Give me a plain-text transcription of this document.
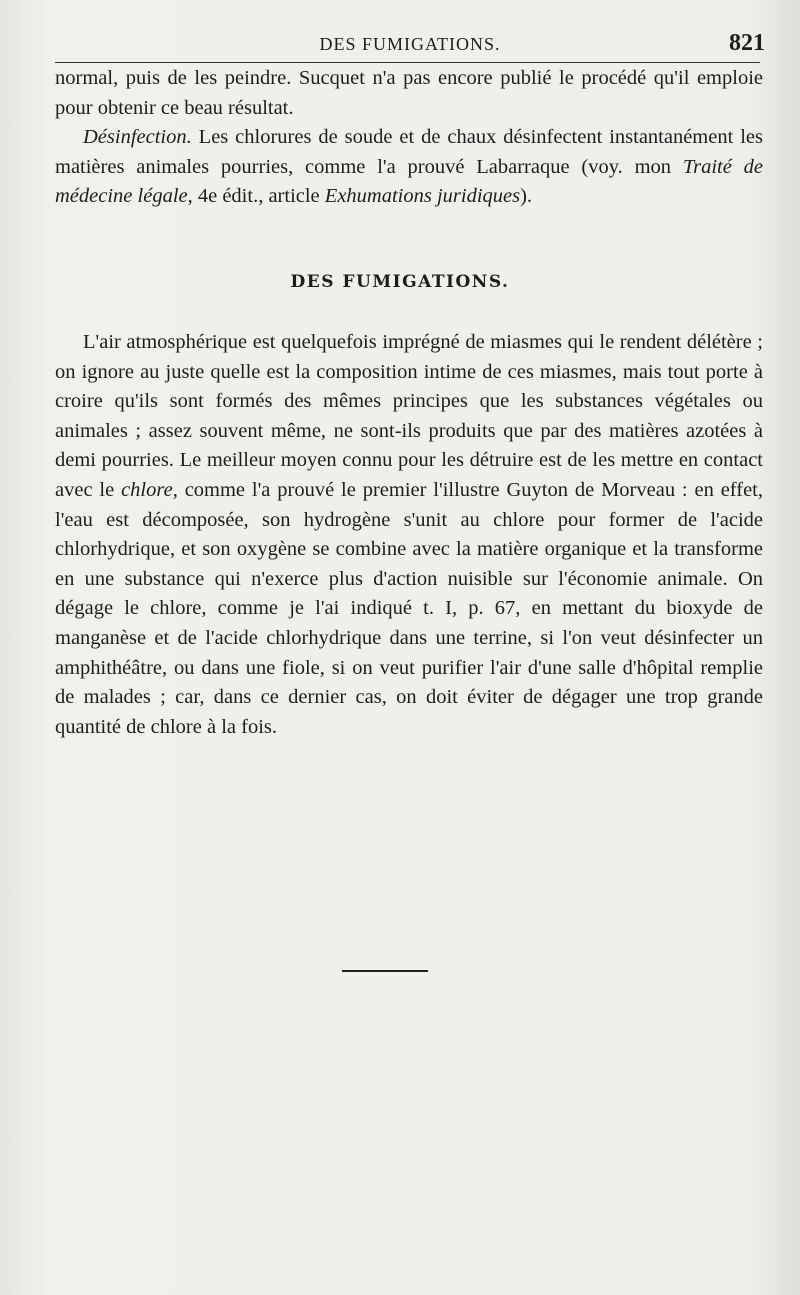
DES FUMIGATIONS.	821

normal, puis de les peindre. Sucquet n'a pas encore publié le procédé qu'il emploie pour obtenir ce beau résultat.

Désinfection. Les chlorures de soude et de chaux désinfectent instantanément les matières animales pourries, comme l'a prouvé Labarraque (voy. mon Traité de médecine légale, 4e édit., article Exhumations juridiques).

DES FUMIGATIONS.

L'air atmosphérique est quelquefois imprégné de miasmes qui le rendent délétère ; on ignore au juste quelle est la composition intime de ces miasmes, mais tout porte à croire qu'ils sont formés des mêmes principes que les substances végétales ou animales ; assez souvent même, ne sont-ils produits que par des matières azotées à demi pourries. Le meilleur moyen connu pour les détruire est de les mettre en contact avec le chlore, comme l'a prouvé le premier l'illustre Guyton de Morveau : en effet, l'eau est décomposée, son hydrogène s'unit au chlore pour former de l'acide chlorhydrique, et son oxygène se combine avec la matière organique et la transforme en une substance qui n'exerce plus d'action nuisible sur l'économie animale. On dégage le chlore, comme je l'ai indiqué t. I, p. 67, en mettant du bioxyde de manganèse et de l'acide chlorhydrique dans une terrine, si l'on veut désinfecter un amphithéâtre, ou dans une fiole, si on veut purifier l'air d'une salle d'hôpital remplie de malades ; car, dans ce dernier cas, on doit éviter de dégager une trop grande quantité de chlore à la fois.
